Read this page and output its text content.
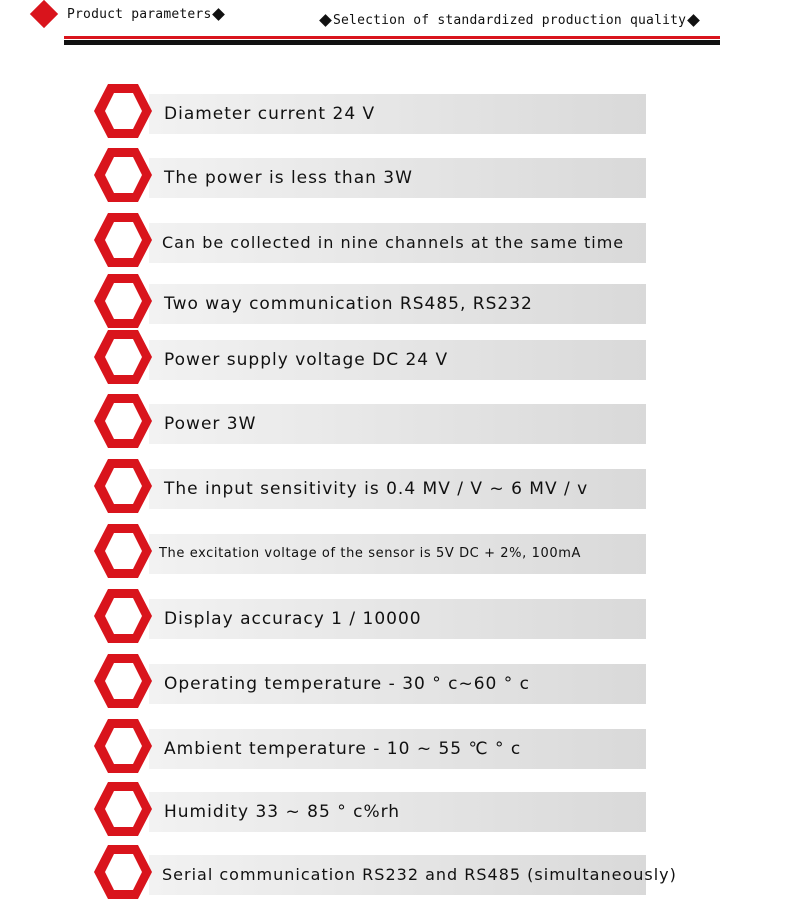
Product parameters	Selection of standardized production quality
Diameter current 24 V
The power is less than 3W
Can be collected in nine channels at the same time
Two way communication RS485, RS232
Power supply voltage DC 24 V
Power 3W
The input sensitivity is 0.4 MV / V ~ 6 MV / v
The excitation voltage of the sensor is 5V DC + 2%, 100mA
Display accuracy 1 / 10000
Operating temperature - 30 ° c~60 ° c
Ambient temperature - 10 ~ 55 ℃ ° c
Humidity 33 ~ 85 ° c%rh
Serial communication RS232 and RS485 (simultaneously)
